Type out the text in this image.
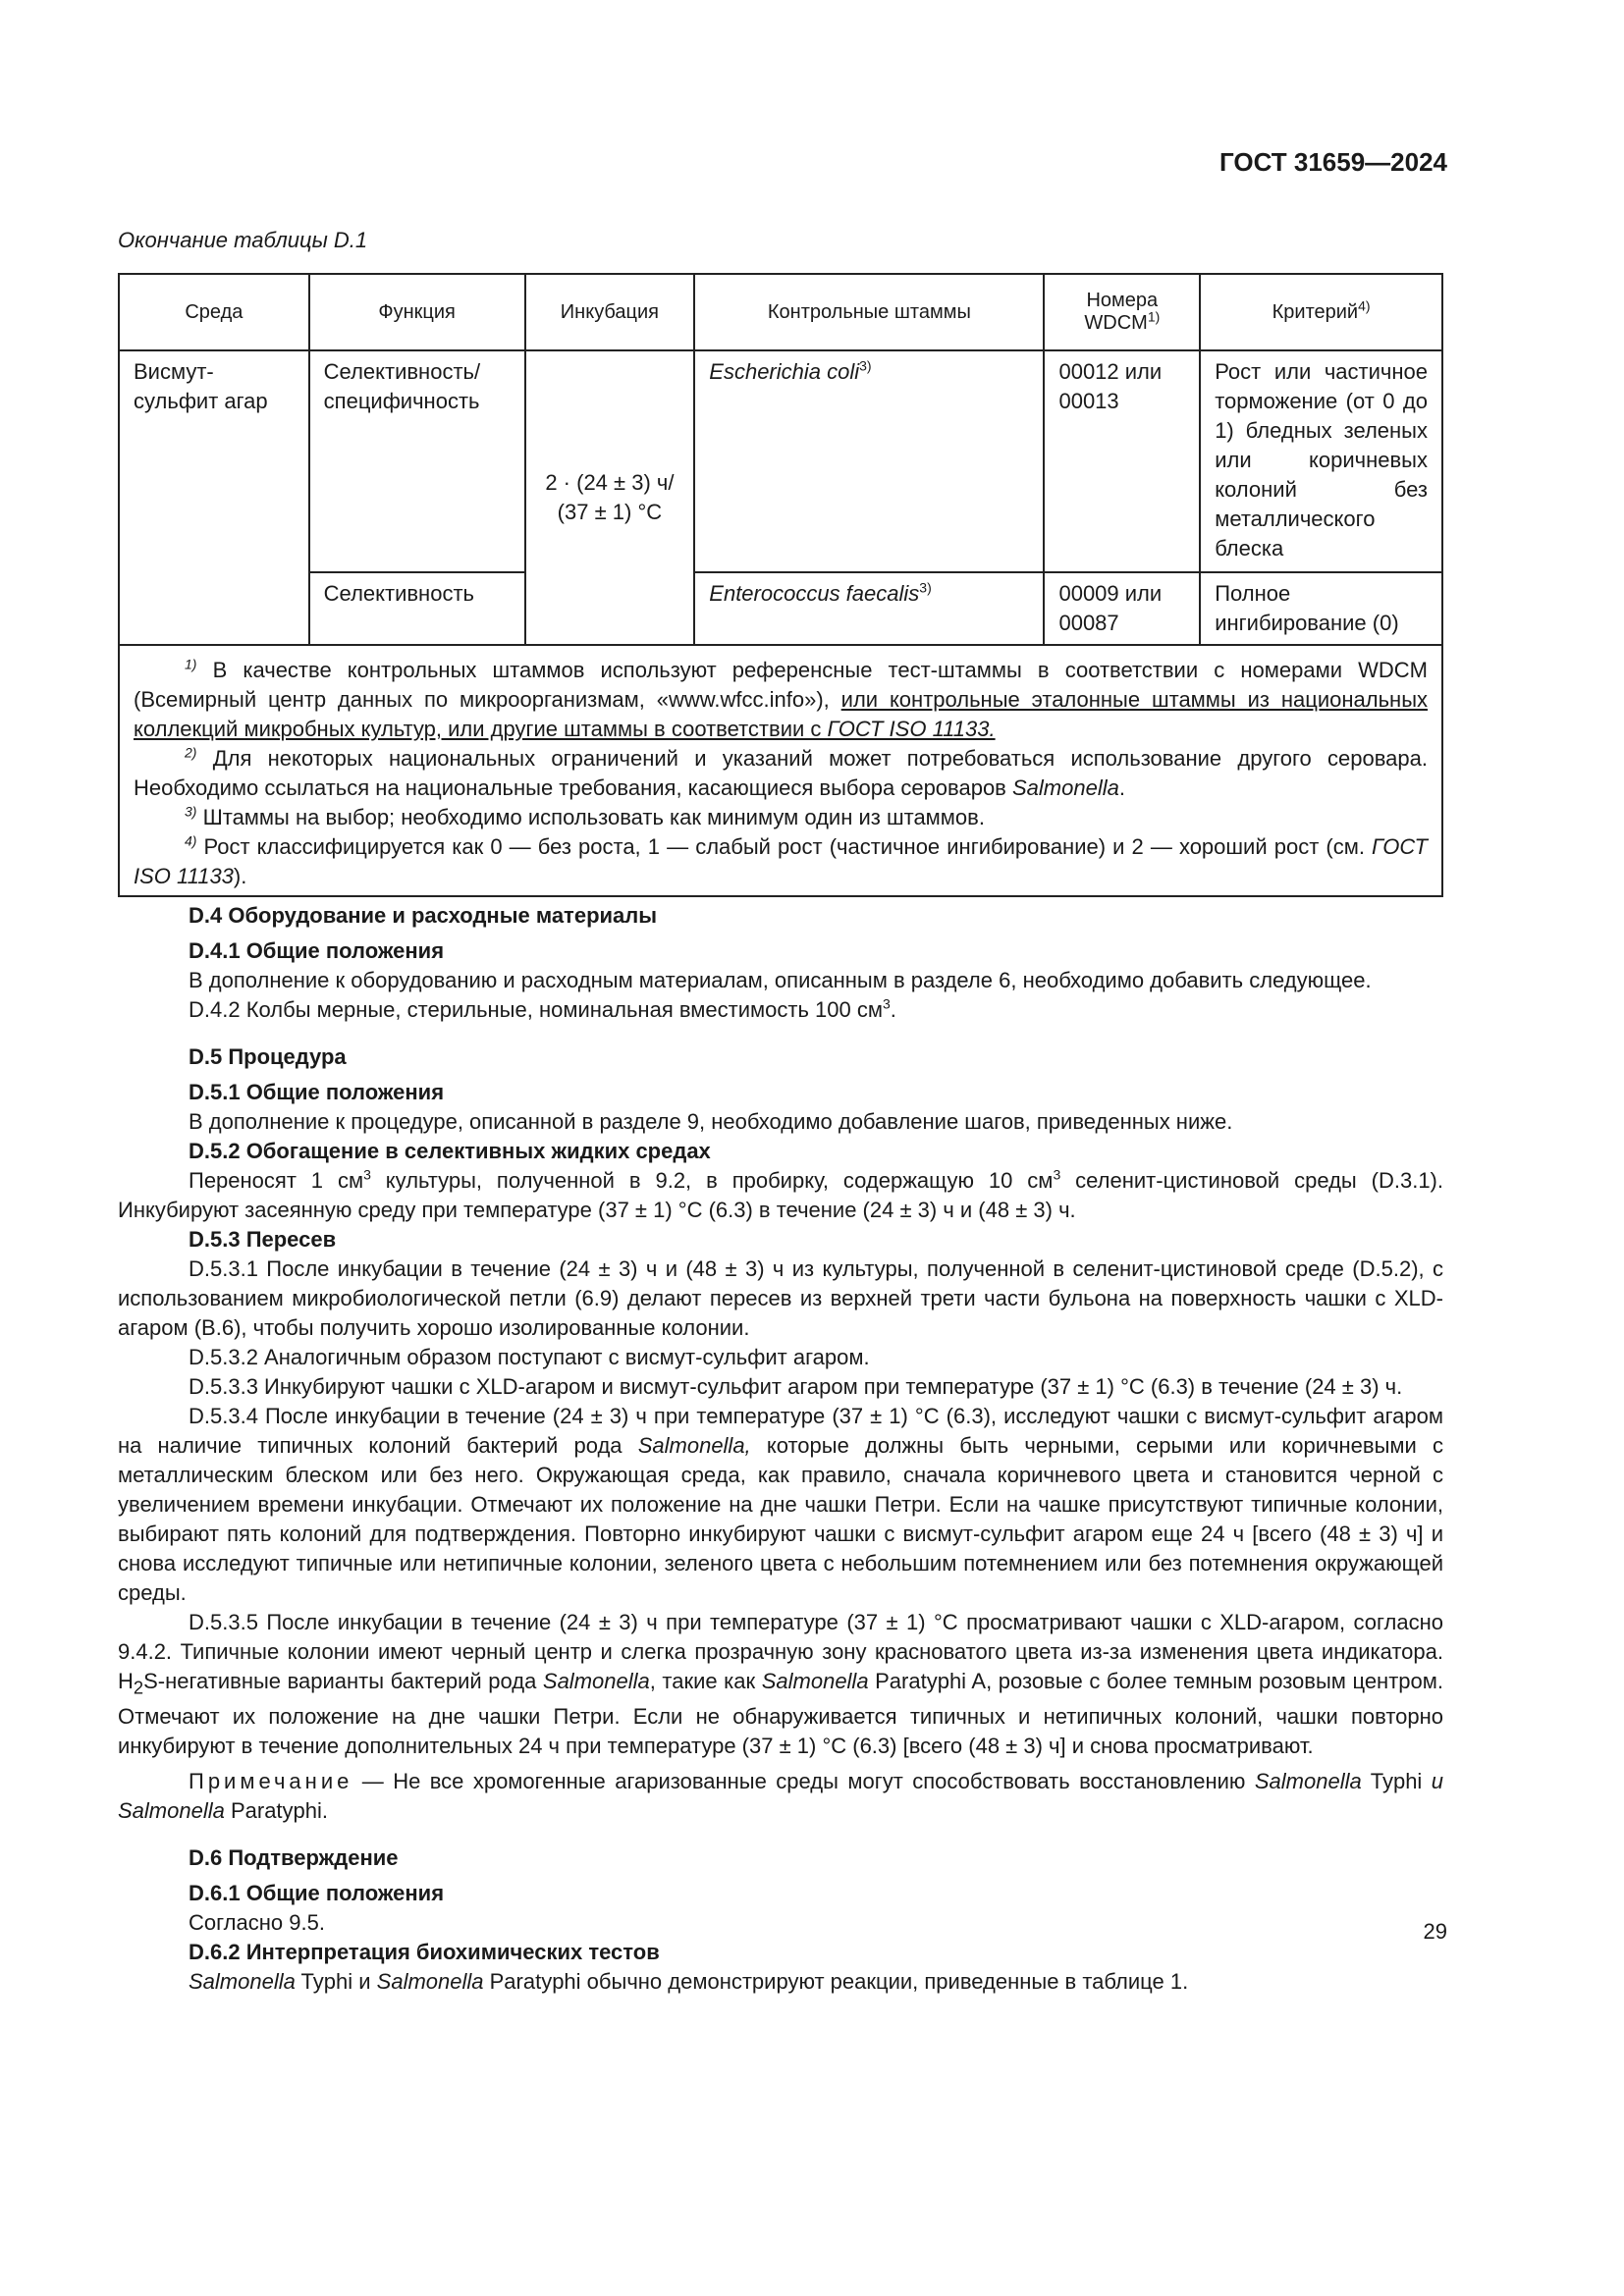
ГОСТ 31659—2024
Окончание таблицы D.1
Среда	Функция	Инкубация	Контрольные штаммы	Номера WDCM$^{1)}$	Критерий$^{4)}$
Висмут-сульфит агар	Селективность/ специфичность	2 · (24 ± 3) ч/ (37 ± 1) °С	Escherichia coli$^{3)}$	00012 или 00013	Рост или частичное торможение (от 0 до 1) бледных зеленых или коричневых колоний без металлического блеска
	Селективность		Enterococcus faecalis$^{3)}$	00009 или 00087	Полное ингибирование (0)

$^{1)}$ В качестве контрольных штаммов используют референсные тест-штаммы в соответствии с номерами WDCM (Всемирный центр данных по микроорганизмам, «www.wfcc.info»), или контрольные эталонные штаммы из национальных коллекций микробных культур, или другие штаммы в соответствии с ГОСТ ISO 11133.
$^{2)}$ Для некоторых национальных ограничений и указаний может потребоваться использование другого серовара. Необходимо ссылаться на национальные требования, касающиеся выбора сероваров Salmonella.
$^{3)}$ Штаммы на выбор; необходимо использовать как минимум один из штаммов.
$^{4)}$ Рост классифицируется как 0 — без роста, 1 — слабый рост (частичное ингибирование) и 2 — хороший рост (см. ГОСТ ISO 11133).					

D.4 Оборудование и расходные материалы

D.4.1 Общие положения

В дополнение к оборудованию и расходным материалам, описанным в разделе 6, необходимо добавить следующее.

D.4.2 Колбы мерные, стерильные, номинальная вместимость 100 $см^3$.

D.5 Процедура

D.5.1 Общие положения

В дополнение к процедуре, описанной в разделе 9, необходимо добавление шагов, приведенных ниже.

D.5.2 Обогащение в селективных жидких средах

Переносят 1 $см^3$ культуры, полученной в 9.2, в пробирку, содержащую 10 $см^3$ селенит-цистиновой среды (D.3.1). Инкубируют засеянную среду при температуре (37 ± 1) °С (6.3) в течение (24 ± 3) ч и (48 ± 3) ч.

D.5.3 Пересев

D.5.3.1 После инкубации в течение (24 ± 3) ч и (48 ± 3) ч из культуры, полученной в селенит-цистиновой среде (D.5.2), с использованием микробиологической петли (6.9) делают пересев из верхней трети части бульона на поверхность чашки с XLD-агаром (В.6), чтобы получить хорошо изолированные колонии.

D.5.3.2 Аналогичным образом поступают с висмут-сульфит агаром.

D.5.3.3 Инкубируют чашки с XLD-агаром и висмут-сульфит агаром при температуре (37 ± 1) °С (6.3) в течение (24 ± 3) ч.

D.5.3.4 После инкубации в течение (24 ± 3) ч при температуре (37 ± 1) °С (6.3), исследуют чашки с висмут-сульфит агаром на наличие типичных колоний бактерий рода Salmonella, которые должны быть черными, серыми или коричневыми с металлическим блеском или без него. Окружающая среда, как правило, сначала коричневого цвета и становится черной с увеличением времени инкубации. Отмечают их положение на дне чашки Петри. Если на чашке присутствуют типичные колонии, выбирают пять колоний для подтверждения. Повторно инкубируют чашки с висмут-сульфит агаром еще 24 ч [всего (48 ± 3) ч] и снова исследуют типичные или нетипичные колонии, зеленого цвета с небольшим потемнением или без потемнения окружающей среды.

D.5.3.5 После инкубации в течение (24 ± 3) ч при температуре (37 ± 1) °С просматривают чашки с XLD-агаром, согласно 9.4.2. Типичные колонии имеют черный центр и слегка прозрачную зону красноватого цвета из-за изменения цвета индикатора. $H_2S$-негативные варианты бактерий рода Salmonella, такие как Salmonella Paratyphi A, розовые с более темным розовым центром. Отмечают их положение на дне чашки Петри. Если не обнаруживается типичных и нетипичных колоний, чашки повторно инкубируют в течение дополнительных 24 ч при температуре (37 ± 1) °С (6.3) [всего (48 ± 3) ч] и снова просматривают.

Примечание — Не все хромогенные агаризованные среды могут способствовать восстановлению Salmonella Typhi и Salmonella Paratyphi.

D.6 Подтверждение

D.6.1 Общие положения

Согласно 9.5.

D.6.2 Интерпретация биохимических тестов

Salmonella Typhi и Salmonella Paratyphi обычно демонстрируют реакции, приведенные в таблице 1.

29
